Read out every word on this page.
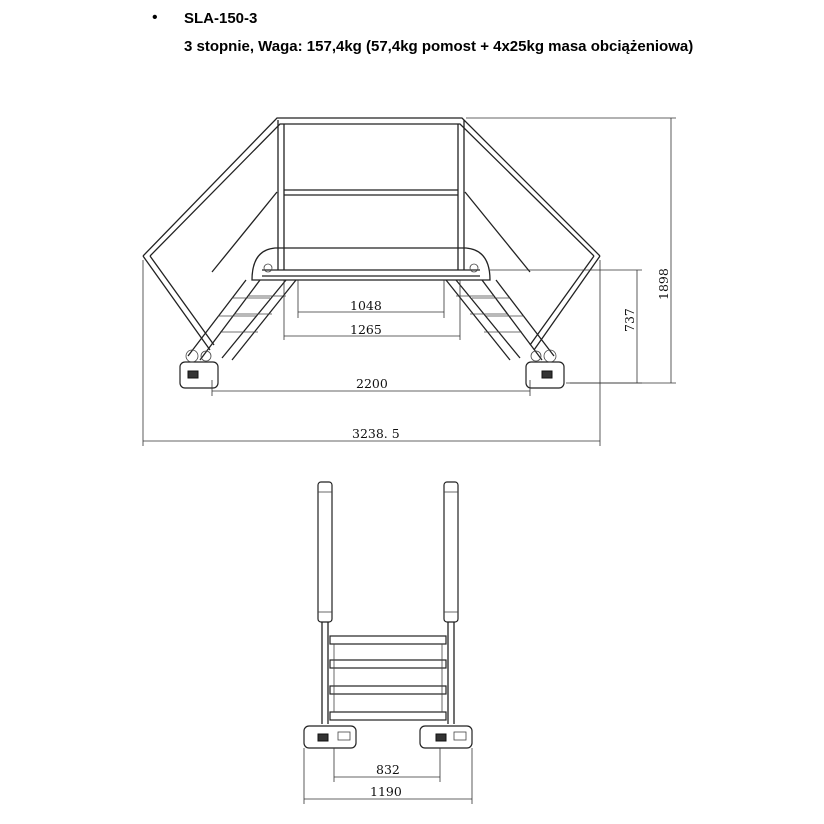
• SLA-150-3
3 stopnie, Waga: 157,4kg (57,4kg pomost + 4x25kg masa obciążeniowa)
1048
1265
2200
3238. 5
737
1898
832
1190
